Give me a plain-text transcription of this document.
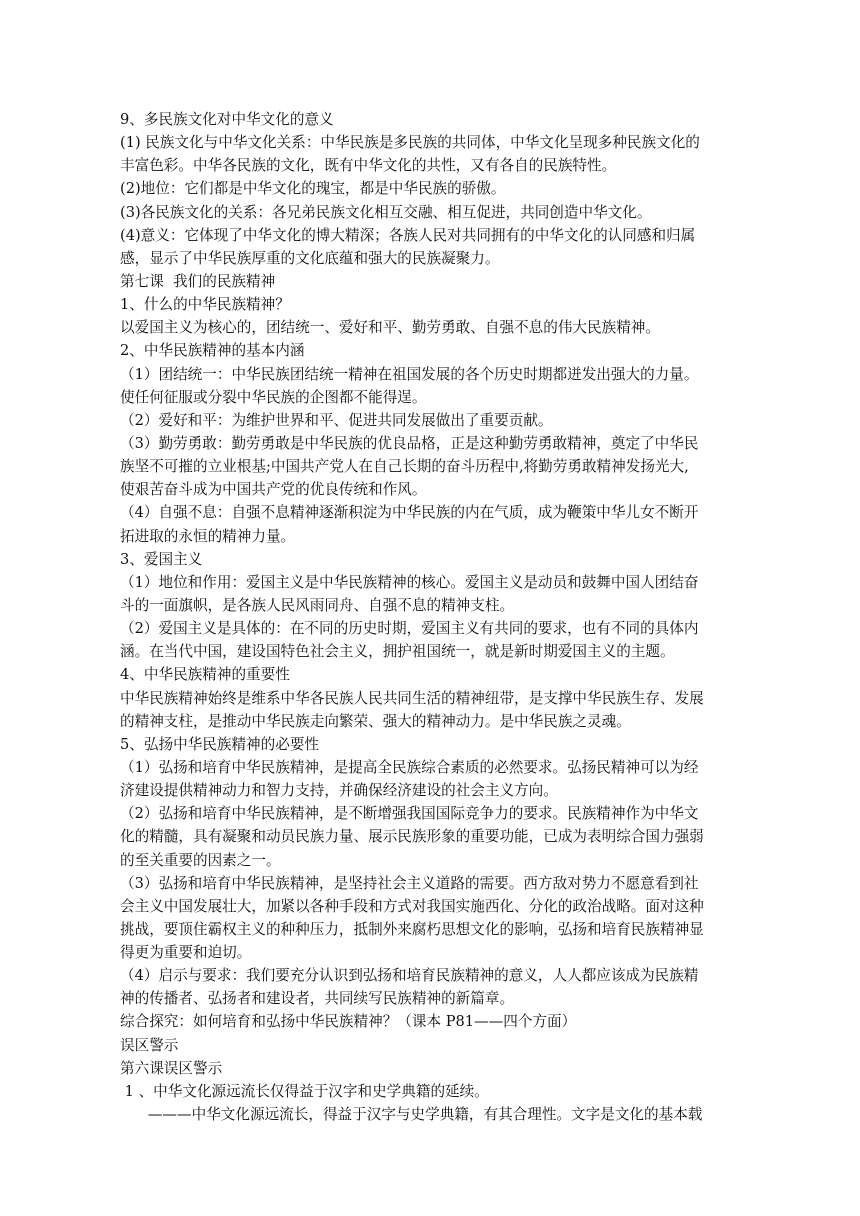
9、多民族文化对中华文化的意义
(1) 民族文化与中华文化关系：中华民族是多民族的共同体，中华文化呈现多种民族文化的
丰富色彩。中华各民族的文化，既有中华文化的共性，又有各自的民族特性。
(2)地位：它们都是中华文化的瑰宝，都是中华民族的骄傲。
(3)各民族文化的关系：各兄弟民族文化相互交融、相互促进，共同创造中华文化。
(4)意义：它体现了中华文化的博大精深；各族人民对共同拥有的中华文化的认同感和归属
感，显示了中华民族厚重的文化底蕴和强大的民族凝聚力。
第七课  我们的民族精神
1、什么的中华民族精神？
以爱国主义为核心的，团结统一、爱好和平、勤劳勇敢、自强不息的伟大民族精神。
2、中华民族精神的基本内涵
（1）团结统一：中华民族团结统一精神在祖国发展的各个历史时期都迸发出强大的力量。
使任何征服或分裂中华民族的企图都不能得逞。
（2）爱好和平：为维护世界和平、促进共同发展做出了重要贡献。
（3）勤劳勇敢：勤劳勇敢是中华民族的优良品格，正是这种勤劳勇敢精神，奠定了中华民
族坚不可摧的立业根基;中国共产党人在自己长期的奋斗历程中,将勤劳勇敢精神发扬光大,
使艰苦奋斗成为中国共产党的优良传统和作风。
（4）自强不息：自强不息精神逐渐积淀为中华民族的内在气质，成为鞭策中华儿女不断开
拓进取的永恒的精神力量。
3、爱国主义
（1）地位和作用：爱国主义是中华民族精神的核心。爱国主义是动员和鼓舞中国人团结奋
斗的一面旗帜，是各族人民风雨同舟、自强不息的精神支柱。
（2）爱国主义是具体的：在不同的历史时期，爱国主义有共同的要求，也有不同的具体内
涵。在当代中国，建设国特色社会主义，拥护祖国统一，就是新时期爱国主义的主题。
4、中华民族精神的重要性
中华民族精神始终是维系中华各民族人民共同生活的精神纽带，是支撑中华民族生存、发展
的精神支柱，是推动中华民族走向繁荣、强大的精神动力。是中华民族之灵魂。
5、弘扬中华民族精神的必要性
（1）弘扬和培育中华民族精神，是提高全民族综合素质的必然要求。弘扬民精神可以为经
济建设提供精神动力和智力支持，并确保经济建设的社会主义方向。
（2）弘扬和培育中华民族精神，是不断增强我国国际竞争力的要求。民族精神作为中华文
化的精髓，具有凝聚和动员民族力量、展示民族形象的重要功能，已成为表明综合国力强弱
的至关重要的因素之一。
（3）弘扬和培育中华民族精神，是坚持社会主义道路的需要。西方敌对势力不愿意看到社
会主义中国发展壮大，加紧以各种手段和方式对我国实施西化、分化的政治战略。面对这种
挑战，要顶住霸权主义的种种压力，抵制外来腐朽思想文化的影响，弘扬和培育民族精神显
得更为重要和迫切。
（4）启示与要求：我们要充分认识到弘扬和培育民族精神的意义，人人都应该成为民族精
神的传播者、弘扬者和建设者，共同续写民族精神的新篇章。
综合探究：如何培育和弘扬中华民族精神？（课本 P81——四个方面）
误区警示
第六课误区警示
1 、中华文化源远流长仅得益于汉字和史学典籍的延续。
———中华文化源远流长，得益于汉字与史学典籍，有其合理性。文字是文化的基本载
